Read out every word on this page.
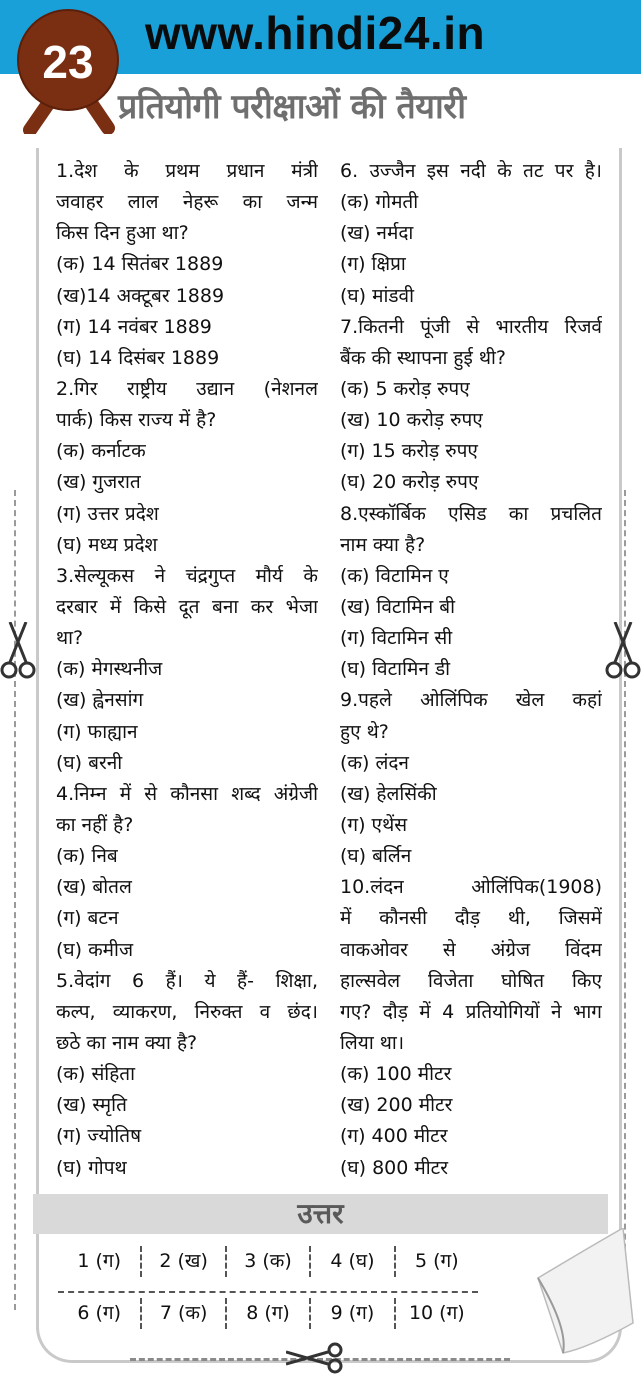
www.hindi24.in
23
प्रतियोगी परीक्षाओं की तैयारी
1.देश के प्रथम प्रधान मंत्री
जवाहर लाल नेहरू का जन्म
किस दिन हुआ था?
(क) 14 सितंबर 1889
(ख)14 अक्टूबर 1889
(ग) 14 नवंबर 1889
(घ) 14 दिसंबर 1889
2.गिर राष्ट्रीय उद्यान (नेशनल
पार्क) किस राज्य में है?
(क) कर्नाटक
(ख) गुजरात
(ग) उत्तर प्रदेश
(घ) मध्य प्रदेश
3.सेल्यूकस ने चंद्रगुप्त मौर्य के
दरबार में किसे दूत बना कर भेजा
था?
(क) मेगस्थनीज
(ख) ह्वेनसांग
(ग) फाह्यान
(घ) बरनी
4.निम्न में से कौनसा शब्द अंग्रेजी
का नहीं है?
(क) निब
(ख) बोतल
(ग) बटन
(घ) कमीज
5.वेदांग 6 हैं। ये हैं- शिक्षा,
कल्प, व्याकरण, निरुक्त व छंद।
छठे का नाम क्या है?
(क) संहिता
(ख) स्मृति
(ग) ज्योतिष
(घ) गोपथ
6. उज्जैन इस नदी के तट पर है।
(क) गोमती
(ख) नर्मदा
(ग) क्षिप्रा
(घ) मांडवी
7.कितनी पूंजी से भारतीय रिजर्व
बैंक की स्थापना हुई थी?
(क) 5 करोड़ रुपए
(ख) 10 करोड़ रुपए
(ग) 15 करोड़ रुपए
(घ) 20 करोड़ रुपए
8.एस्कॉर्बिक एसिड का प्रचलित
नाम क्या है?
(क) विटामिन ए
(ख) विटामिन बी
(ग) विटामिन सी
(घ) विटामिन डी
9.पहले ओलिंपिक खेल कहां
हुए थे?
(क) लंदन
(ख) हेलसिंकी
(ग) एथेंस
(घ) बर्लिन
10.लंदन ओलिंपिक(1908)
में कौनसी दौड़ थी, जिसमें
वाकओवर से अंग्रेज विंदम
हाल्सवेल विजेता घोषित किए
गए? दौड़ में 4 प्रतियोगियों ने भाग
लिया था।
(क) 100 मीटर
(ख) 200 मीटर
(ग) 400 मीटर
(घ) 800 मीटर
उत्तर
1 (ग)	2 (ख)	3 (क)	4 (घ)	5 (ग)
6 (ग)	7 (क)	8 (ग)	9 (ग)	10 (ग)
